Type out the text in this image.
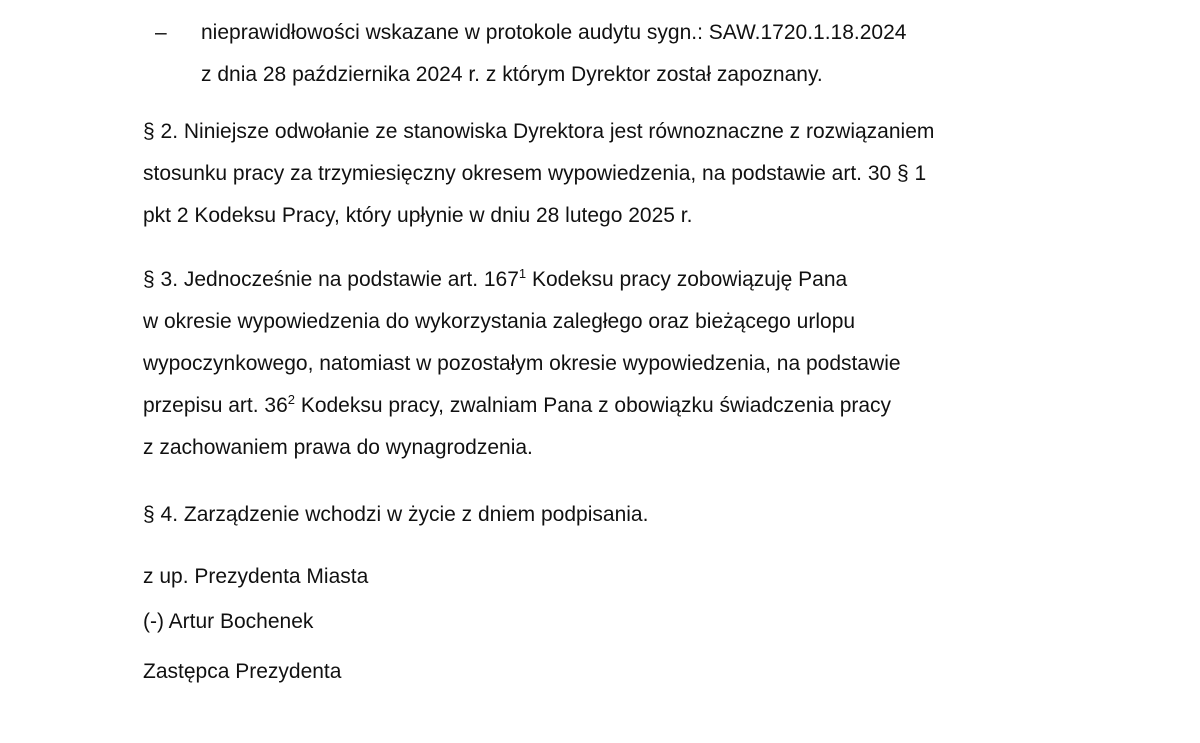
–	nieprawidłowości wskazane w protokole audytu sygn.: SAW.1720.1.18.2024
z dnia 28 października 2024 r. z którym Dyrektor został zapoznany.
§ 2. Niniejsze odwołanie ze stanowiska Dyrektora jest równoznaczne z rozwiązaniem
stosunku pracy za trzymiesięczny okresem wypowiedzenia, na podstawie art. 30 § 1
pkt 2 Kodeksu Pracy, który upłynie w dniu 28 lutego 2025 r.
§ 3. Jednocześnie na podstawie art. $167^1$ Kodeksu pracy zobowiązuję Pana
w okresie wypowiedzenia do wykorzystania zaległego oraz bieżącego urlopu
wypoczynkowego, natomiast w pozostałym okresie wypowiedzenia, na podstawie
przepisu art. $36^2$ Kodeksu pracy, zwalniam Pana z obowiązku świadczenia pracy
z zachowaniem prawa do wynagrodzenia.
§ 4. Zarządzenie wchodzi w życie z dniem podpisania.
z up. Prezydenta Miasta
(-) Artur Bochenek
Zastępca Prezydenta
